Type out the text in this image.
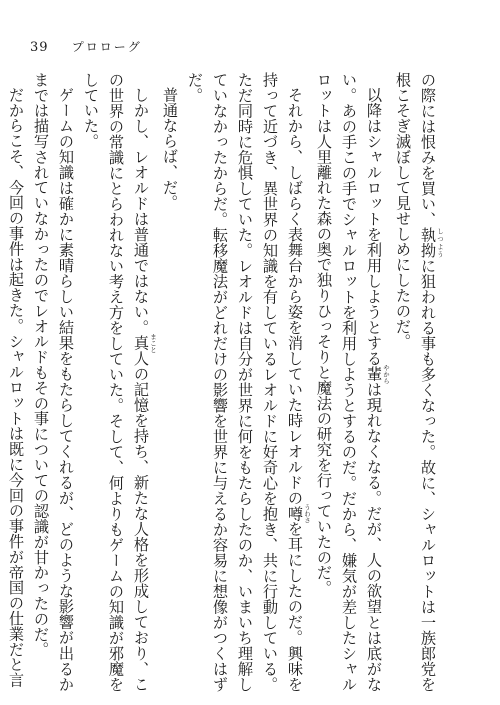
39 プロローグ

の際には恨みを買い、執拗 しつように狙われる事も多くなった。故に、シャルロットは一族郎党を根こそぎ滅ぼして見せしめにしたのだ。

以降はシャルロットを利用しようとする輩 やからは現れなくなる。だが、人の欲望とは底がない。あの手この手でシャルロットを利用しようとするのだ。だから、嫌気が差したシャルロットは人里離れた森の奥で独りひっそりと魔法の研究を行っていたのだ。

それから、しばらく表舞台から姿を消していた時レオルドの噂 うわさを耳にしたのだ。興味を持って近づき、異世界の知識を有しているレオルドに好奇心を抱き、共に行動している。ただ同時に危惧していた。レオルドは自分が世界に何をもたらしたのか、いまいち理解していなかったからだ。転移魔法がどれだけの影響を世界に与えるか容易に想像がつくはずだ。

普通ならば、だ。

しかし、レオルドは普通ではない。真 まこと人の記憶を持ち、新たな人格を形成しており、この世界の常識にとらわれない考え方をしていた。そして、何よりもゲームの知識が邪魔をしていた。

ゲームの知識は確かに素晴らしい結果をもたらしてくれるが、どのような影響が出るかまでは描写されていなかったのでレオルドもその事についての認識が甘かったのだ。

だからこそ、今回の事件は起きた。シャルロットは既に今回の事件が帝国の仕業だと言
